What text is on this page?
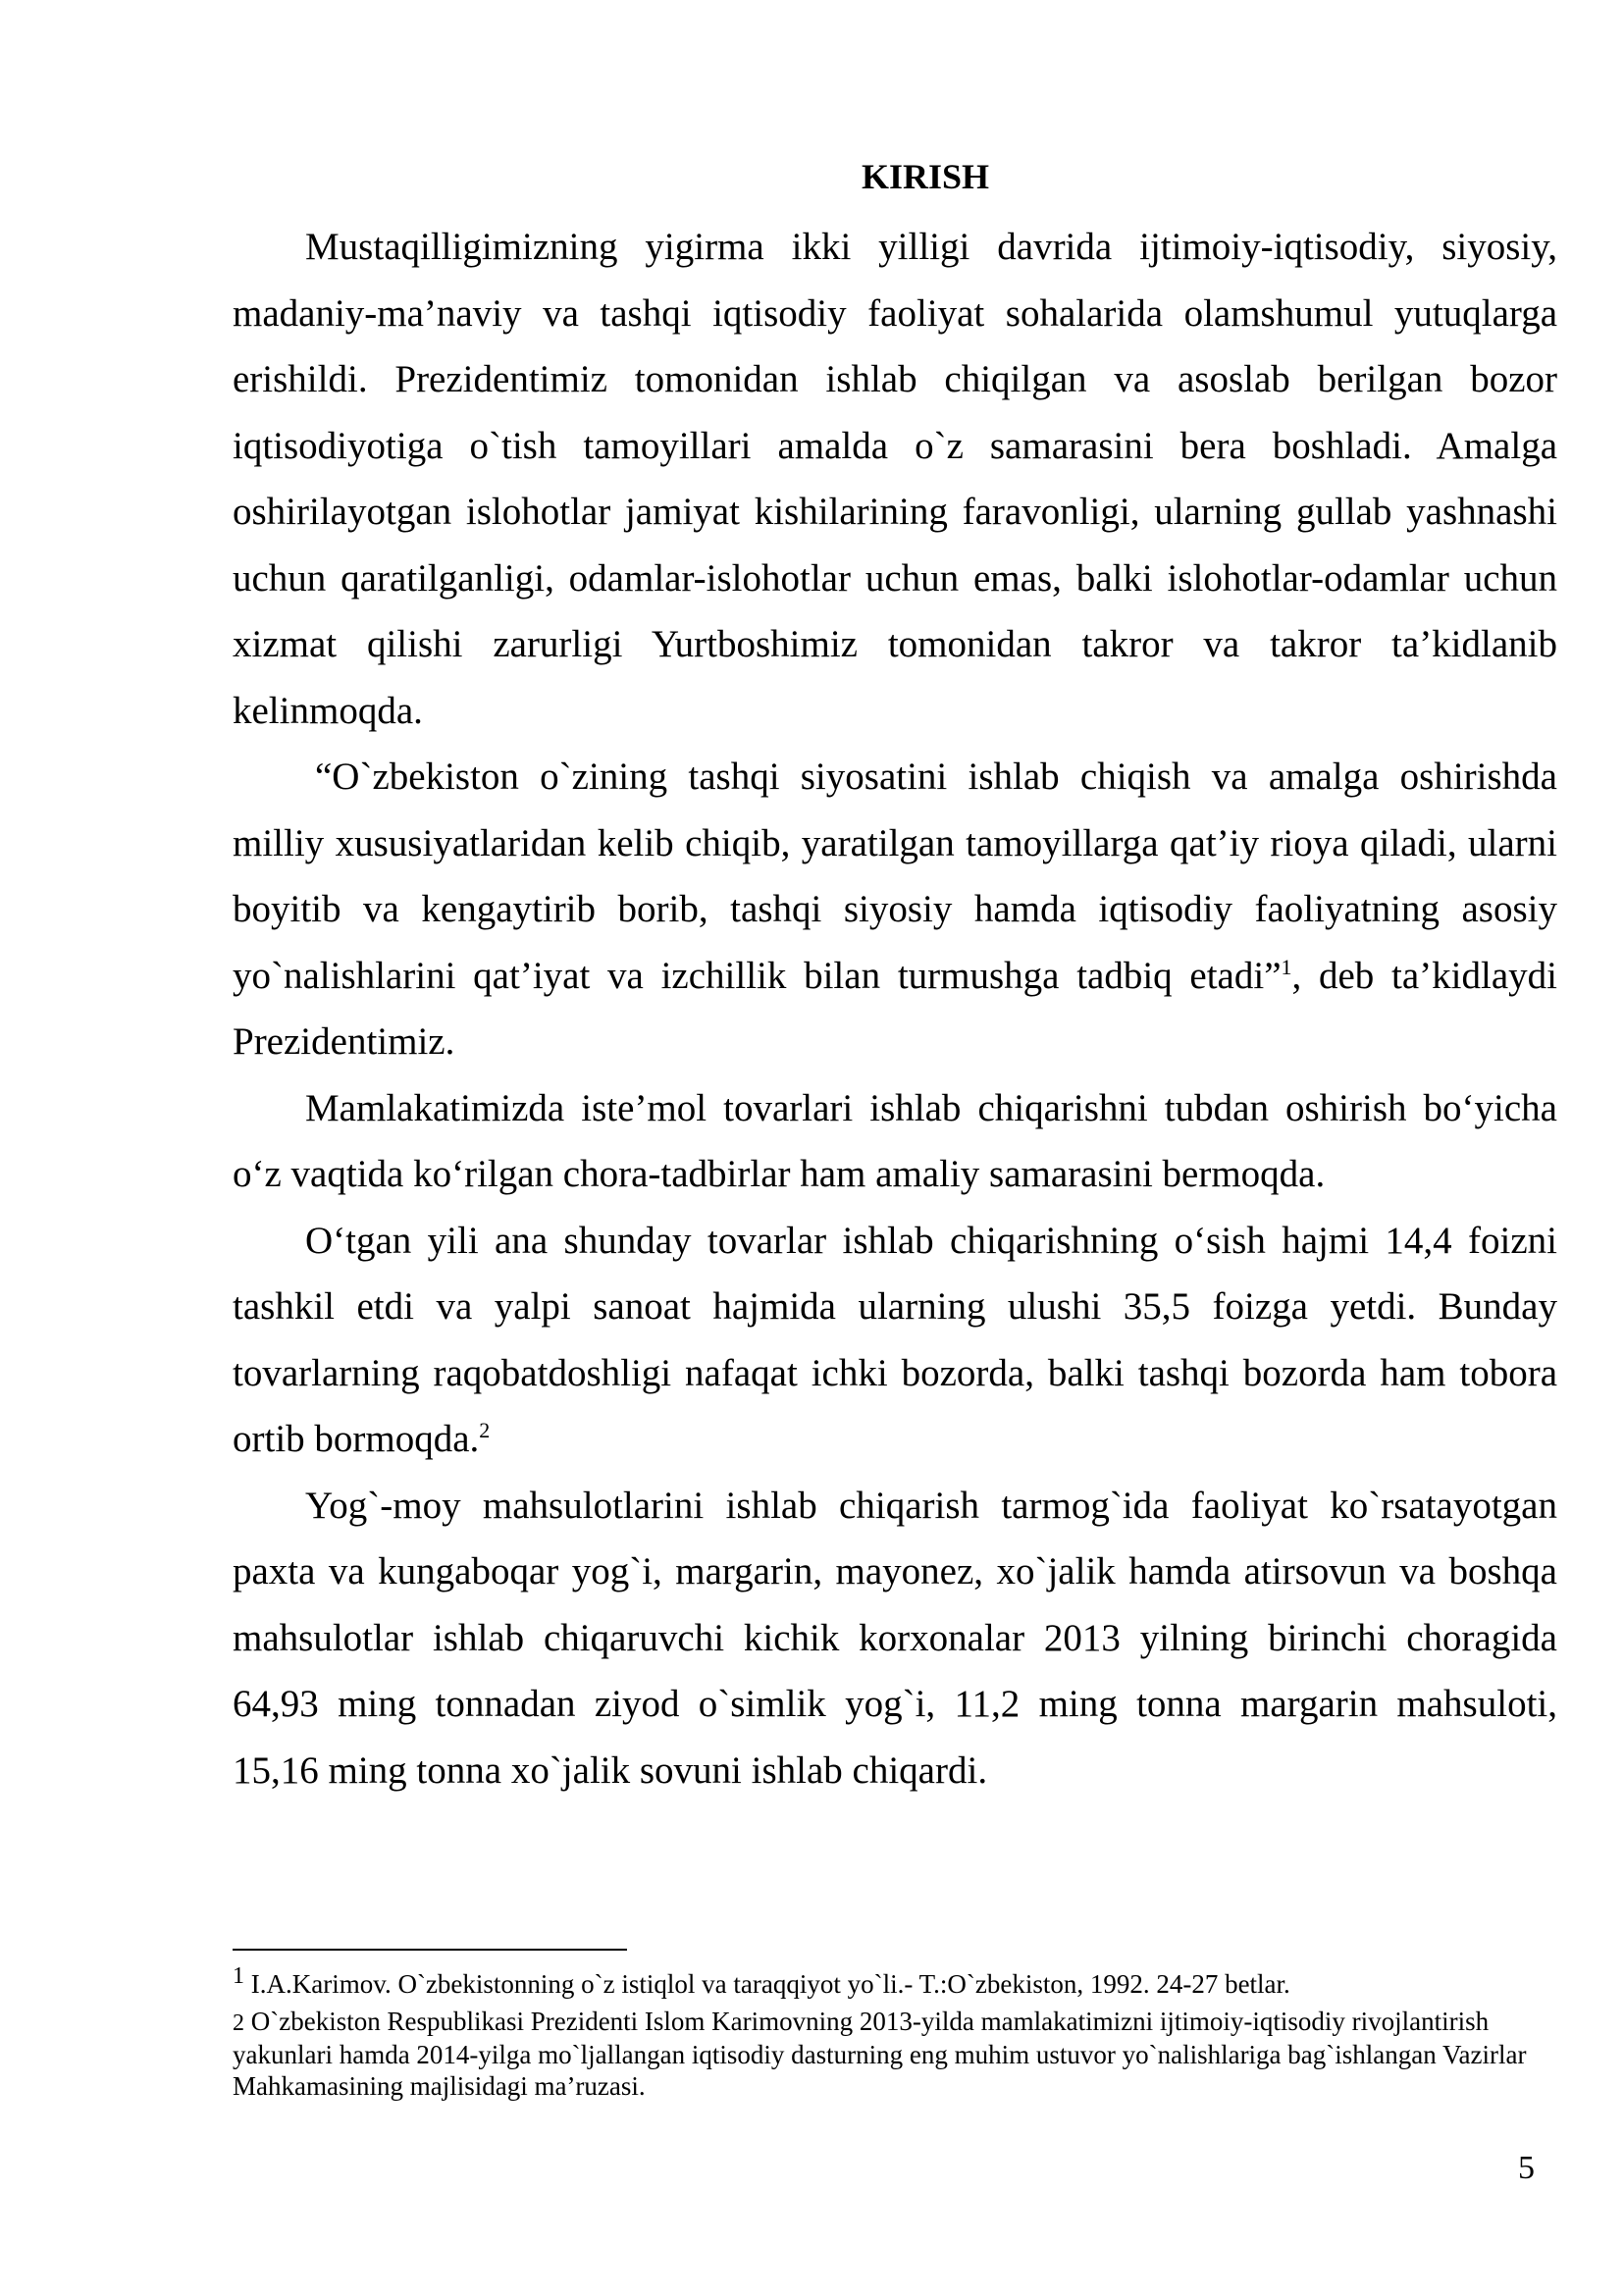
KIRISH

Mustaqilligimizning yigirma ikki yilligi davrida ijtimoiy-iqtisodiy, siyosiy, madaniy-ma’naviy va tashqi iqtisodiy faoliyat sohalarida olamshumul yutuqlarga erishildi. Prezidentimiz tomonidan ishlab chiqilgan va asoslab berilgan bozor iqtisodiyotiga o`tish tamoyillari amalda o`z samarasini bera boshladi. Amalga oshirilayotgan islohotlar jamiyat kishilarining faravonligi, ularning gullab yashnashi uchun qaratilganligi, odamlar-islohotlar uchun emas, balki islohotlar-odamlar uchun xizmat qilishi zarurligi Yurtboshimiz tomonidan takror va takror ta’kidlanib kelinmoqda.

“O`zbekiston o`zining tashqi siyosatini ishlab chiqish va amalga oshirishda milliy xususiyatlaridan kelib chiqib, yaratilgan tamoyillarga qat’iy rioya qiladi, ularni boyitib va kengaytirib borib, tashqi siyosiy hamda iqtisodiy faoliyatning asosiy yo`nalishlarini qat’iyat va izchillik bilan turmushga tadbiq etadi”$^1$, deb ta’kidlaydi Prezidentimiz.

Mamlakatimizda iste’mol tovarlari ishlab chiqarishni tubdan oshirish bo‘yicha o‘z vaqtida ko‘rilgan chora-tadbirlar ham amaliy samarasini bermoqda.

O‘tgan yili ana shunday tovarlar ishlab chiqarishning o‘sish hajmi 14,4 foizni tashkil etdi va yalpi sanoat hajmida ularning ulushi 35,5 foizga yetdi. Bunday tovarlarning raqobatdoshligi nafaqat ichki bozorda, balki tashqi bozorda ham tobora ortib bormoqda.$^2$

Yog`-moy mahsulotlarini ishlab chiqarish tarmog`ida faoliyat ko`rsatayotgan paxta va kungaboqar yog`i, margarin, mayonez, xo`jalik hamda atirsovun va boshqa mahsulotlar ishlab chiqaruvchi kichik korxonalar 2013 yilning birinchi choragida 64,93 ming tonnadan ziyod o`simlik yog`i, 11,2 ming tonna margarin mahsuloti, 15,16 ming tonna xo`jalik sovuni ishlab chiqardi.

1 I.A.Karimov. O`zbekistonning o`z istiqlol va taraqqiyot yo`li.- T.:O`zbekiston, 1992. 24-27 betlar.

2 O`zbekiston Respublikasi Prezidenti Islom Karimovning 2013-yilda mamlakatimizni ijtimoiy-iqtisodiy rivojlantirish yakunlari hamda 2014-yilga mo`ljallangan iqtisodiy dasturning eng muhim ustuvor yo`nalishlariga bag`ishlangan Vazirlar Mahkamasining majlisidagi ma’ruzasi.

5
